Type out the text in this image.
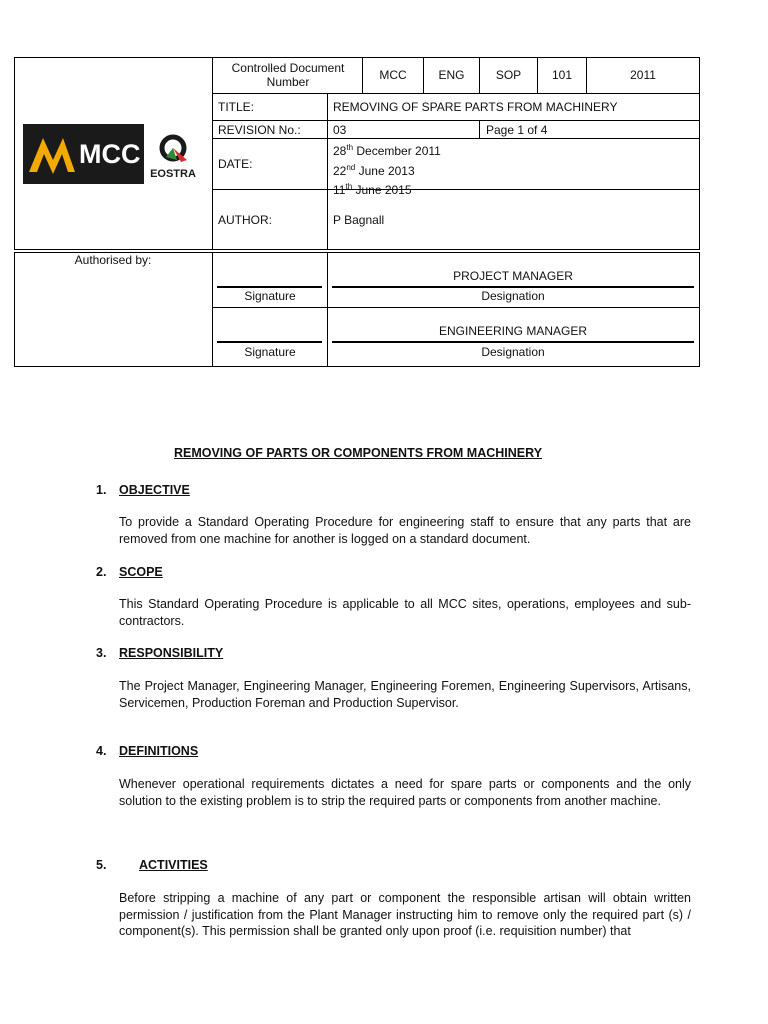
MCC
EOSTRA
Controlled Document Number	MCC	ENG	SOP	101	2011
TITLE:	REMOVING OF SPARE PARTS FROM MACHINERY
REVISION No.:	03	Page 1 of 4
DATE:
28th December 2011
22nd June 2013
11th June 2015
AUTHOR:	P Bagnall
Authorised by:
PROJECT MANAGER
Signature	Designation
ENGINEERING MANAGER
Signature	Designation
REMOVING OF PARTS OR COMPONENTS FROM MACHINERY
1. OBJECTIVE
To provide a Standard Operating Procedure for engineering staff to ensure that any parts that are removed from one machine for another is logged on a standard document.
2. SCOPE
This Standard Operating Procedure is applicable to all MCC sites, operations, employees and sub-contractors.
3. RESPONSIBILITY
The Project Manager, Engineering Manager, Engineering Foremen, Engineering Supervisors, Artisans, Servicemen, Production Foreman and Production Supervisor.
4. DEFINITIONS
Whenever operational requirements dictates a need for spare parts or components and the only solution to the existing problem is to strip the required parts or components from another machine.
5.	ACTIVITIES
Before stripping a machine of any part or component the responsible artisan will obtain written permission / justification from the Plant Manager instructing him to remove only the required part (s) / component(s). This permission shall be granted only upon proof (i.e. requisition number) that
